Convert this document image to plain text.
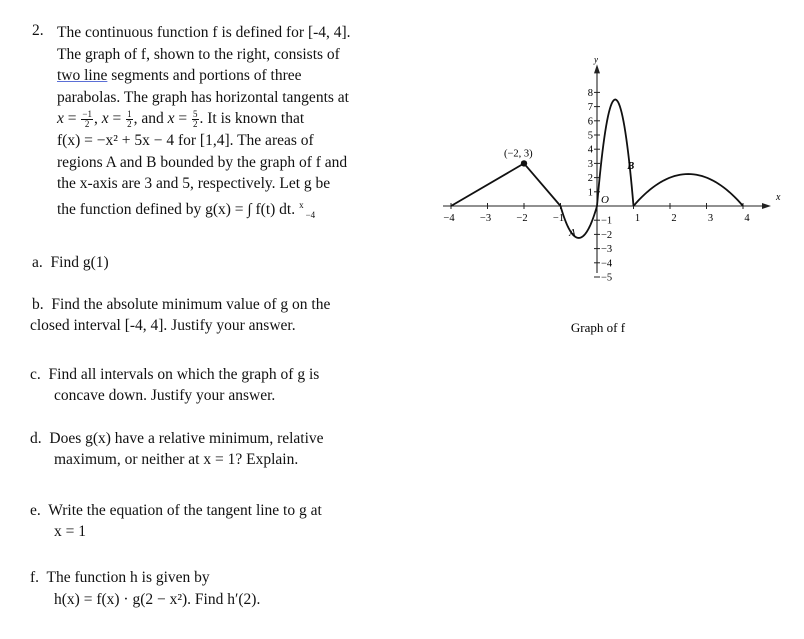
2. The continuous function f is defined for [-4, 4].

The graph of f, shown to the right, consists of

two line segments and portions of three

parabolas. The graph has horizontal tangents at

$x = \frac{-1}{2}$ , $x = \frac{1}{2}$ , and $x = \frac{5}{2}$ . It is known that

f(x) = −x² + 5x − 4 for [1,4]. The areas of

regions A and B bounded by the graph of f and

the x-axis are 3 and 5, respectively. Let g be

the function defined by g(x) = ∫ f(t) dt. $^x_{-4}$

a. Find g(1)
b. Find the absolute minimum value of g on the
closed interval [-4, 4]. Justify your answer.
c. Find all intervals on which the graph of g is
concave down. Justify your answer.
d. Does g(x) have a relative minimum, relative
maximum, or neither at x = 1? Explain.
e. Write the equation of the tangent line to g at
x = 1
f. The function h is given by
h(x) = f(x) · g(2 − x²). Find h′(2).
x
y
−4 −3 −2 −1	1	2	3	4
1
2
3
4
5
6
7
8
−1
−2
−3
−4
−5
O
(−2, 3)
A
B
Graph of f
